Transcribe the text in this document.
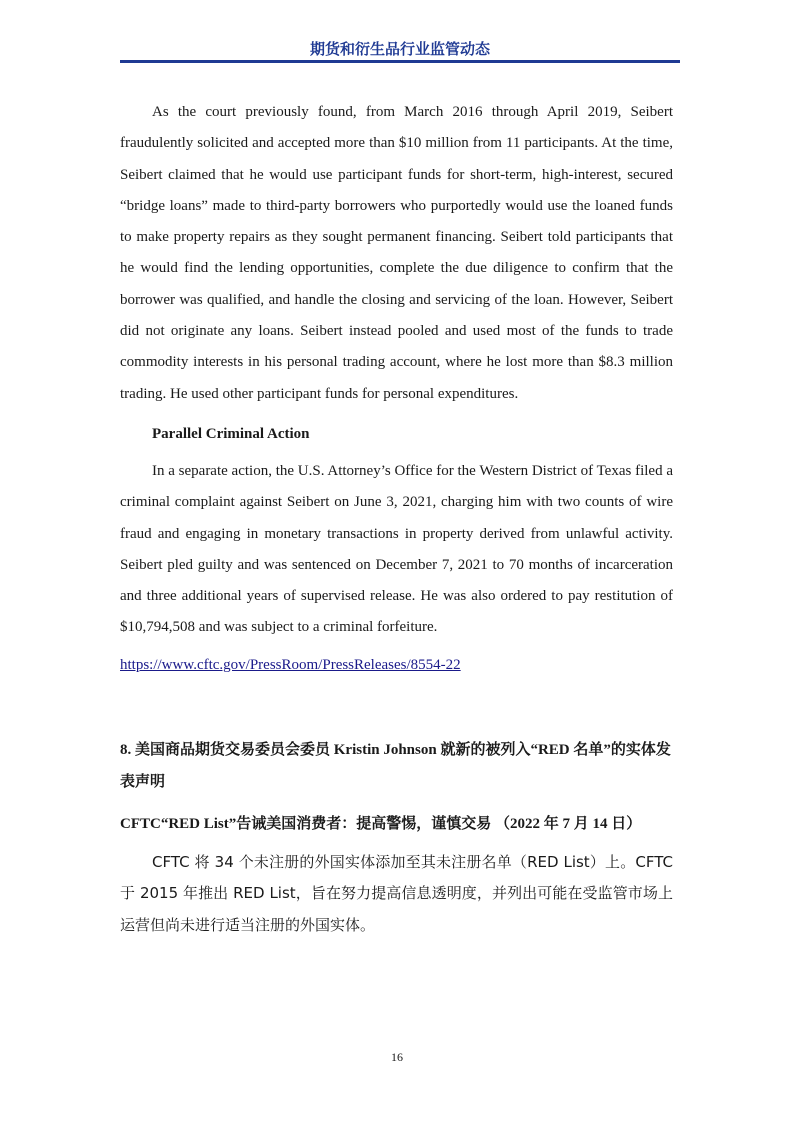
期货和衍生品行业监管动态

As the court previously found, from March 2016 through April 2019, Seibert fraudulently solicited and accepted more than $10 million from 11 participants. At the time, Seibert claimed that he would use participant funds for short-term, high-interest, secured “bridge loans” made to third-party borrowers who purportedly would use the loaned funds to make property repairs as they sought permanent financing. Seibert told participants that he would find the lending opportunities, complete the due diligence to confirm that the borrower was qualified, and handle the closing and servicing of the loan. However, Seibert did not originate any loans. Seibert instead pooled and used most of the funds to trade commodity interests in his personal trading account, where he lost more than $8.3 million trading. He used other participant funds for personal expenditures.

Parallel Criminal Action

In a separate action, the U.S. Attorney’s Office for the Western District of Texas filed a criminal complaint against Seibert on June 3, 2021, charging him with two counts of wire fraud and engaging in monetary transactions in property derived from unlawful activity. Seibert pled guilty and was sentenced on December 7, 2021 to 70 months of incarceration and three additional years of supervised release. He was also ordered to pay restitution of $10,794,508 and was subject to a criminal forfeiture.

https://www.cftc.gov/PressRoom/PressReleases/8554-22
8. 美国商品期货交易委员会委员 Kristin Johnson 就新的被列入“RED 名单”的实体发表声明
CFTC“RED List”告诫美国消费者：提高警惕，谨慎交易 （2022 年 7 月 14 日）

CFTC 将 34 个未注册的外国实体添加至其未注册名单（RED List）上。CFTC 于 2015 年推出 RED List，旨在努力提高信息透明度，并列出可能在受监管市场上运营但尚未进行适当注册的外国实体。

16
